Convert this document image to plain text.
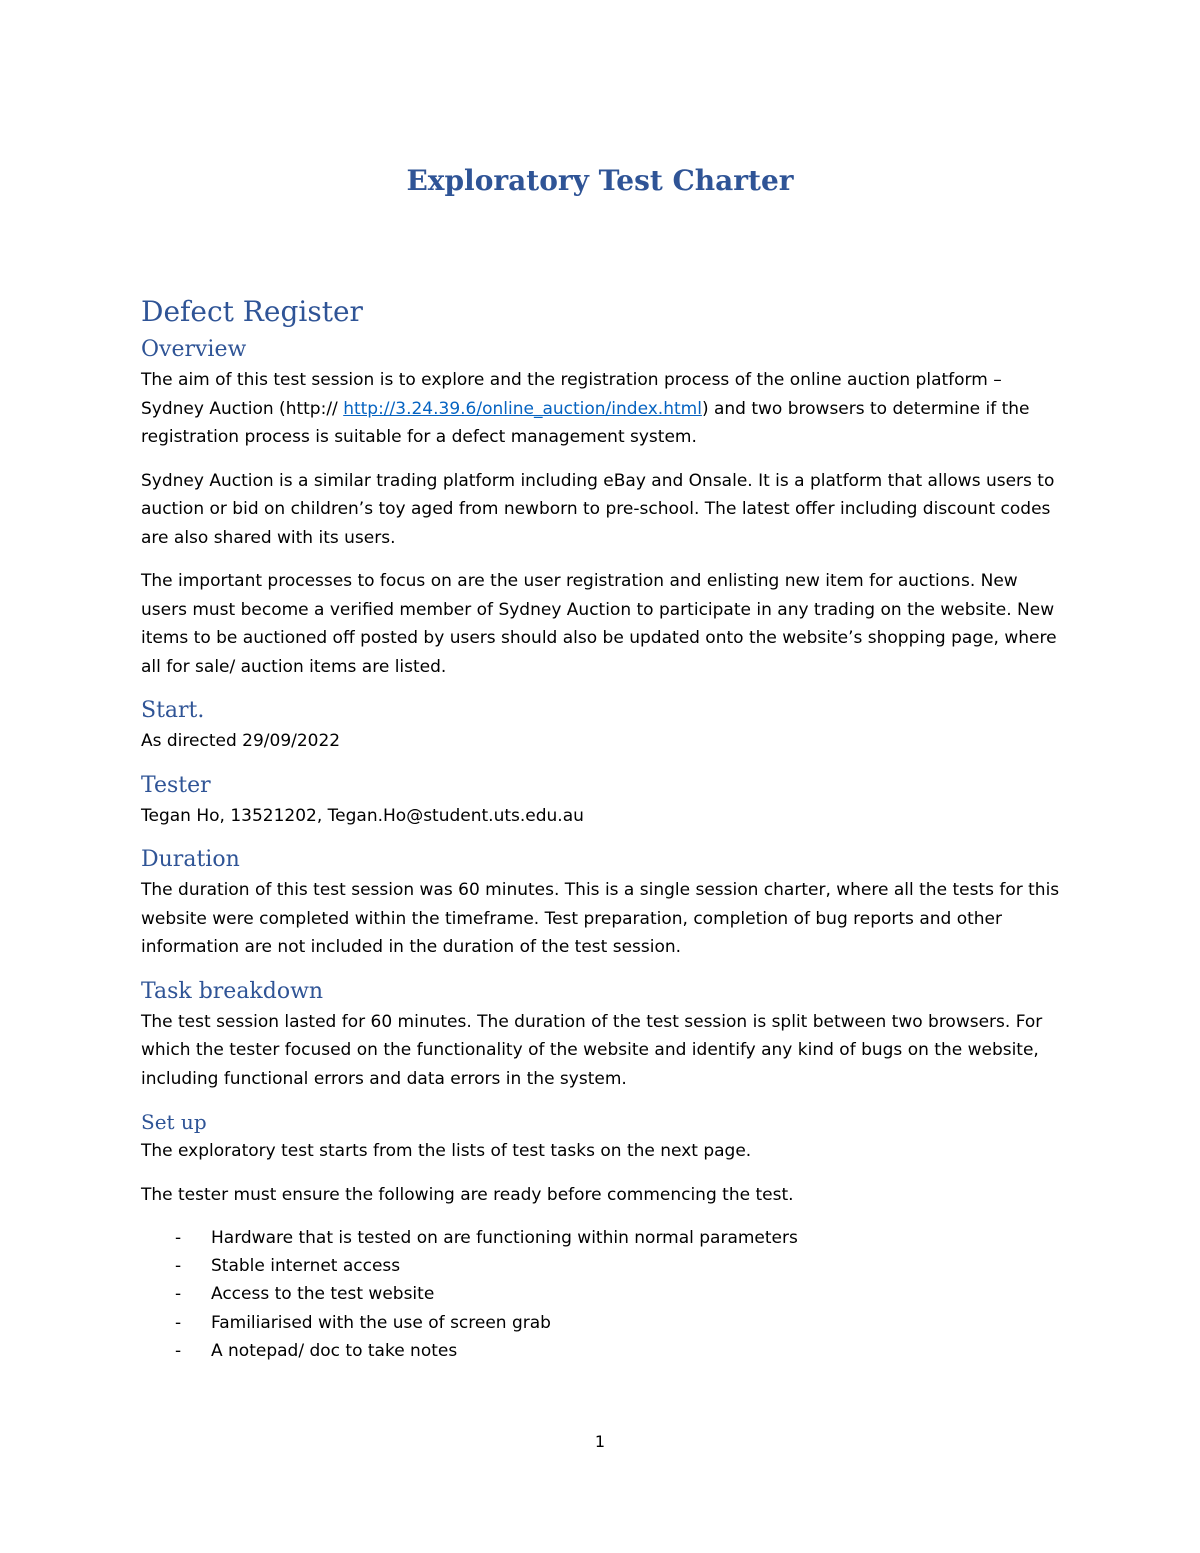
Exploratory Test Charter
Defect Register
Overview

The aim of this test session is to explore and the registration process of the online auction platform – Sydney Auction (http:// http://3.24.39.6/online_auction/index.html) and two browsers to determine if the registration process is suitable for a defect management system.

Sydney Auction is a similar trading platform including eBay and Onsale. It is a platform that allows users to auction or bid on children’s toy aged from newborn to pre-school. The latest offer including discount codes are also shared with its users.

The important processes to focus on are the user registration and enlisting new item for auctions. New users must become a verified member of Sydney Auction to participate in any trading on the website. New items to be auctioned off posted by users should also be updated onto the website’s shopping page, where all for sale/ auction items are listed.

Start.

As directed 29/09/2022

Tester

Tegan Ho, 13521202, Tegan.Ho@student.uts.edu.au

Duration

The duration of this test session was 60 minutes. This is a single session charter, where all the tests for this website were completed within the timeframe. Test preparation, completion of bug reports and other information are not included in the duration of the test session.

Task breakdown

The test session lasted for 60 minutes. The duration of the test session is split between two browsers. For which the tester focused on the functionality of the website and identify any kind of bugs on the website, including functional errors and data errors in the system.

Set up

The exploratory test starts from the lists of test tasks on the next page.

The tester must ensure the following are ready before commencing the test.

- Hardware that is tested on are functioning within normal parameters
- Stable internet access
- Access to the test website
- Familiarised with the use of screen grab
- A notepad/ doc to take notes
1
